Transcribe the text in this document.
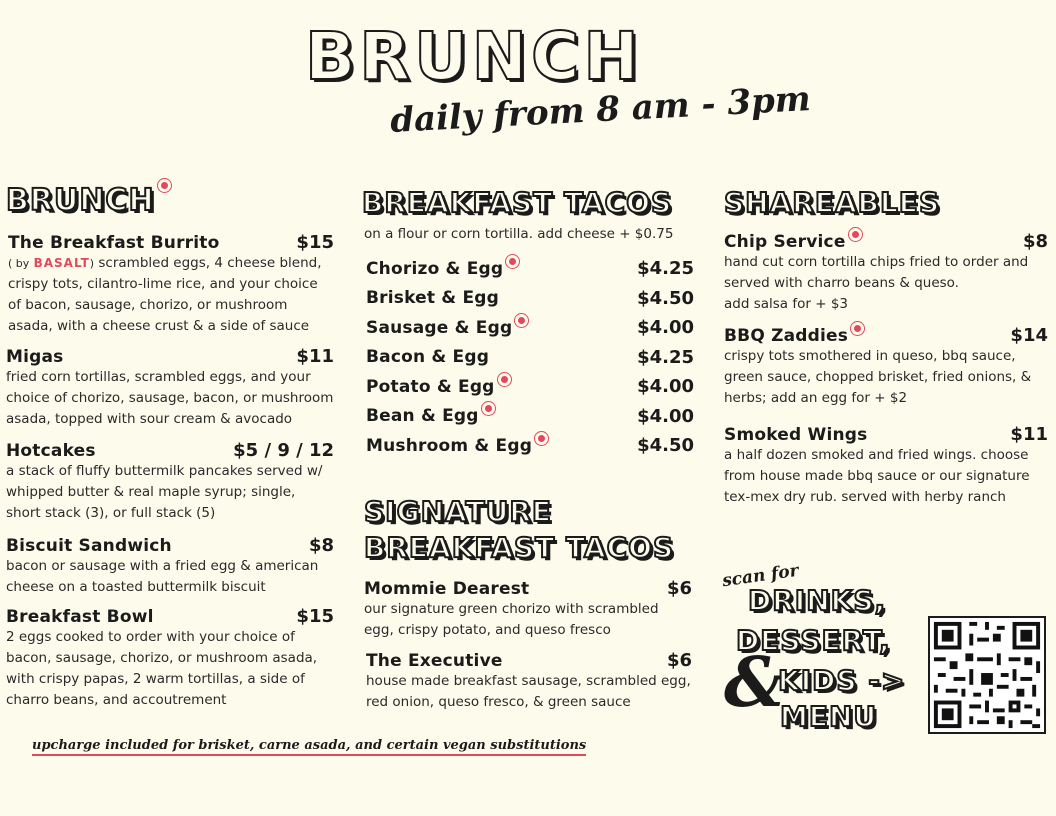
BRUNCH
daily from 8 am - 3pm
BRUNCH
The Breakfast Burrito	$15
( by BASALT) scrambled eggs, 4 cheese blend, crispy tots, cilantro-lime rice, and your choice of bacon, sausage, chorizo, or mushroom asada, with a cheese crust & a side of sauce
Migas	$11
fried corn tortillas, scrambled eggs, and your choice of chorizo, sausage, bacon, or mushroom asada, topped with sour cream & avocado
Hotcakes	$5 / 9 / 12
a stack of fluffy buttermilk pancakes served w/ whipped butter & real maple syrup; single, short stack (3), or full stack (5)
Biscuit Sandwich	$8
bacon or sausage with a fried egg & american cheese on a toasted buttermilk biscuit
Breakfast Bowl	$15
2 eggs cooked to order with your choice of bacon, sausage, chorizo, or mushroom asada, with crispy papas, 2 warm tortillas, a side of charro beans, and accoutrement
BREAKFAST TACOS
on a flour or corn tortilla. add cheese + $0.75
Chorizo & Egg	$4.25
Brisket & Egg	$4.50
Sausage & Egg	$4.00
Bacon & Egg	$4.25
Potato & Egg	$4.00
Bean & Egg	$4.00
Mushroom & Egg	$4.50
SIGNATURE
BREAKFAST TACOS
Mommie Dearest	$6
our signature green chorizo with scrambled egg, crispy potato, and queso fresco
The Executive	$6
house made breakfast sausage, scrambled egg, red onion, queso fresco, & green sauce
SHAREABLES
Chip Service	$8
hand cut corn tortilla chips fried to order and served with charro beans & queso.
add salsa for + $3
BBQ Zaddies	$14
crispy tots smothered in queso, bbq sauce, green sauce, chopped brisket, fried onions, & herbs; add an egg for + $2
Smoked Wings	$11
a half dozen smoked and fried wings. choose from house made bbq sauce or our signature tex-mex dry rub. served with herby ranch
scan for
DRINKS,
DESSERT,
&
KIDS ->
MENU
upcharge included for brisket, carne asada, and certain vegan substitutions
